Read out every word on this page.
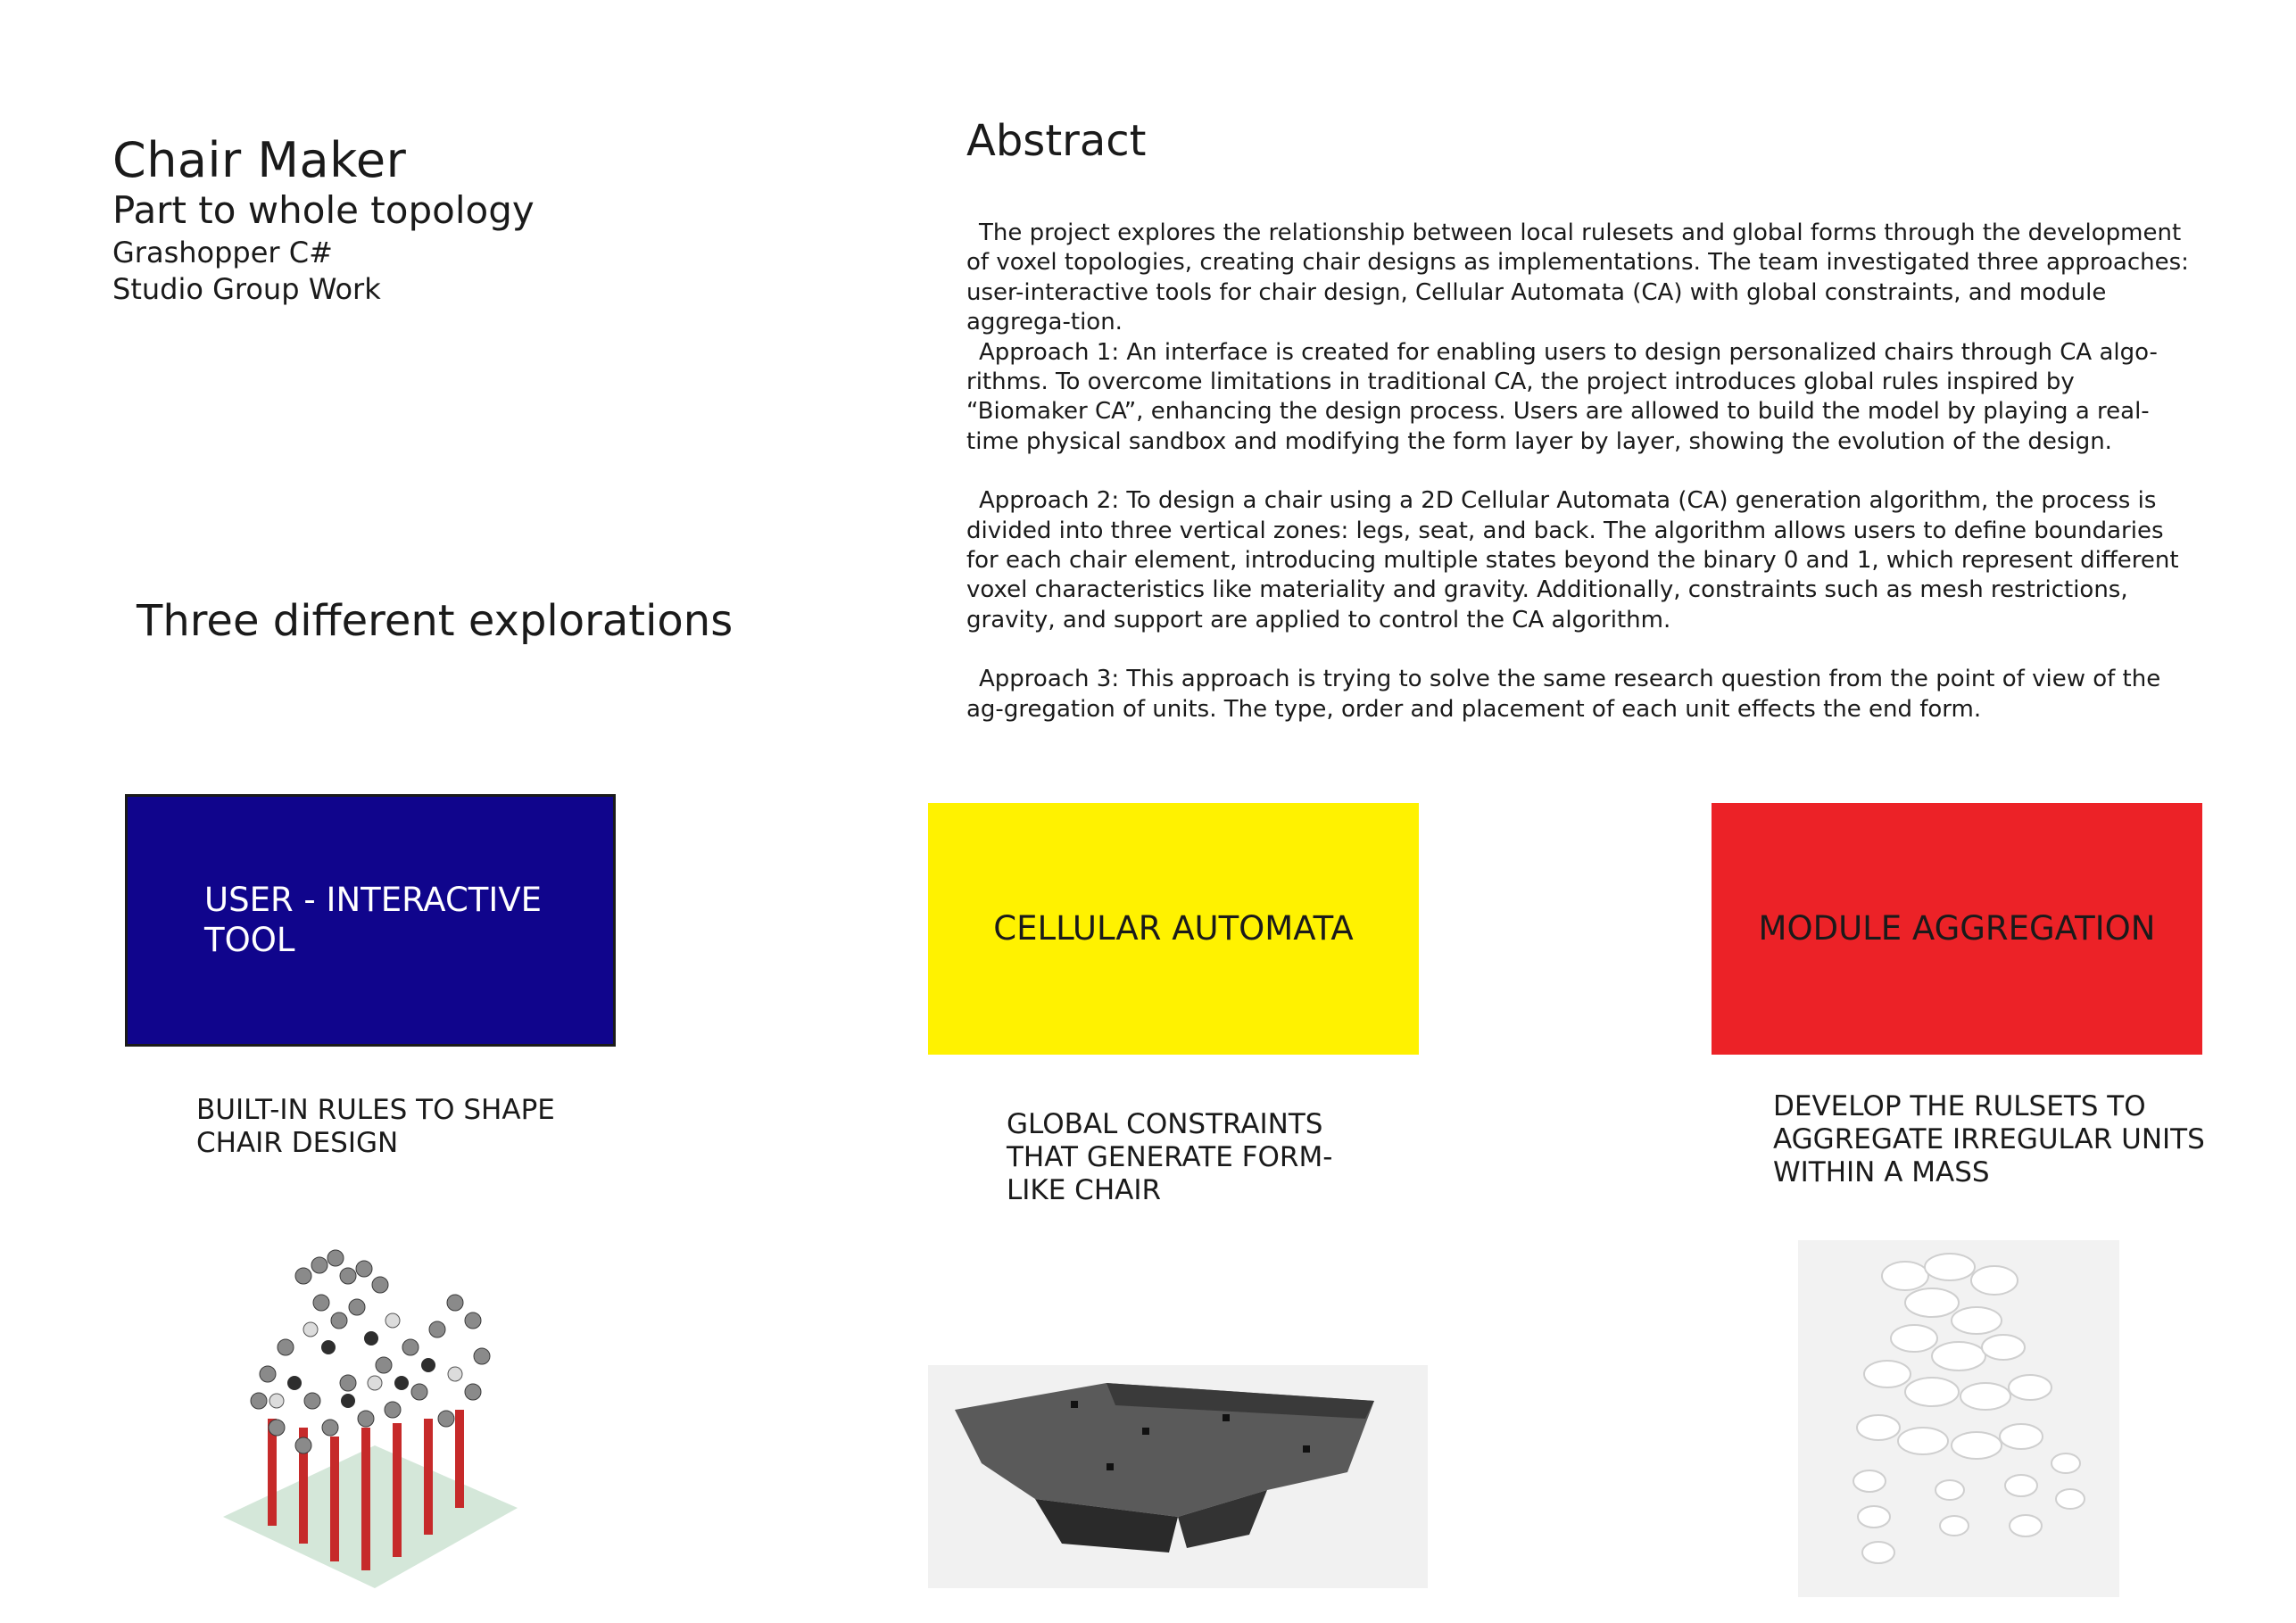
Chair Maker
Part to whole topology
Grashopper C#
Studio Group Work
Three different explorations
Abstract

The project explores the relationship between local rulesets and global forms through the development of voxel topologies, creating chair designs as implementations. The team investigated three approaches: user-interactive tools for chair design, Cellular Automata (CA) with global constraints, and module aggrega-tion.

Approach 1: An interface is created for enabling users to design personalized chairs through CA algo-rithms. To overcome limitations in traditional CA, the project introduces global rules inspired by “Biomaker CA”, enhancing the design process. Users are allowed to build the model by playing a real-time physical sandbox and modifying the form layer by layer, showing the evolution of the design.

Approach 2: To design a chair using a 2D Cellular Automata (CA) generation algorithm, the process is divided into three vertical zones: legs, seat, and back. The algorithm allows users to define boundaries for each chair element, introducing multiple states beyond the binary 0 and 1, which represent different voxel characteristics like materiality and gravity. Additionally, constraints such as mesh restrictions, gravity, and support are applied to control the CA algorithm.

Approach 3: This approach is trying to solve the same research question from the point of view of the ag-gregation of units. The type, order and placement of each unit effects the end form.

USER - INTERACTIVE
TOOL	CELLULAR AUTOMATA	MODULE AGGREGATION
BUILT-IN RULES TO SHAPE
CHAIR DESIGN
GLOBAL CONSTRAINTS
THAT GENERATE FORM-
LIKE CHAIR
DEVELOP THE RULSETS TO
AGGREGATE IRREGULAR UNITS
WITHIN A MASS
